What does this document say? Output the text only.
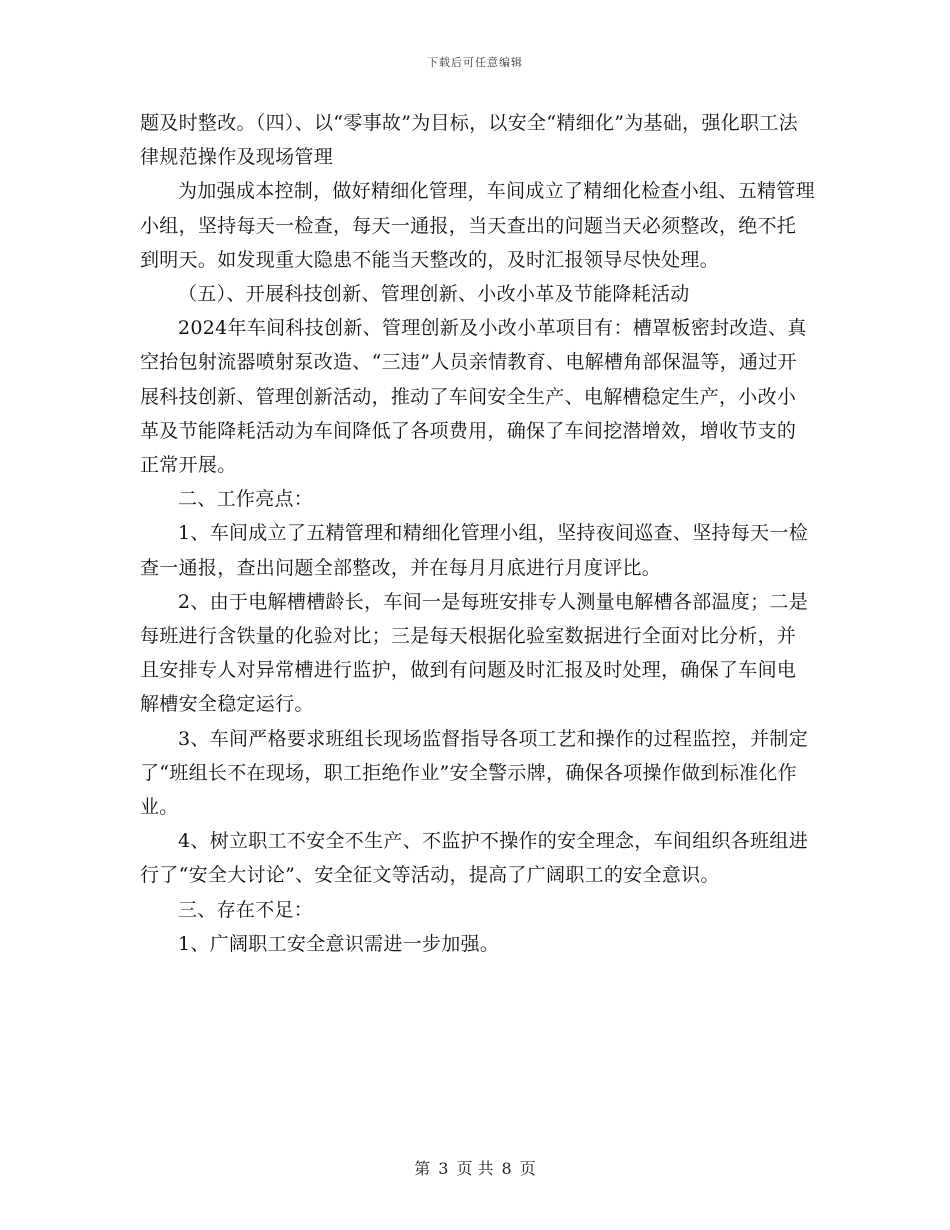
下载后可任意编辑

题及时整改。（四）、以“零事故”为目标，以安全“精细化”为基础，强化职工法律规范操作及现场管理

为加强成本控制，做好精细化管理，车间成立了精细化检查小组、五精管理小组，坚持每天一检查，每天一通报，当天查出的问题当天必须整改，绝不托到明天。如发现重大隐患不能当天整改的，及时汇报领导尽快处理。

（五）、开展科技创新、管理创新、小改小革及节能降耗活动

2024年车间科技创新、管理创新及小改小革项目有：槽罩板密封改造、真空抬包射流器喷射泵改造、“三违”人员亲情教育、电解槽角部保温等，通过开展科技创新、管理创新活动，推动了车间安全生产、电解槽稳定生产，小改小革及节能降耗活动为车间降低了各项费用，确保了车间挖潜增效，增收节支的正常开展。

二、工作亮点：

1、车间成立了五精管理和精细化管理小组，坚持夜间巡查、坚持每天一检查一通报，查出问题全部整改，并在每月月底进行月度评比。

2、由于电解槽槽龄长，车间一是每班安排专人测量电解槽各部温度；二是每班进行含铁量的化验对比；三是每天根据化验室数据进行全面对比分析，并且安排专人对异常槽进行监护，做到有问题及时汇报及时处理，确保了车间电解槽安全稳定运行。

3、车间严格要求班组长现场监督指导各项工艺和操作的过程监控，并制定了“班组长不在现场，职工拒绝作业”安全警示牌，确保各项操作做到标准化作业。

4、树立职工不安全不生产、不监护不操作的安全理念，车间组织各班组进行了“安全大讨论”、安全征文等活动，提高了广阔职工的安全意识。

三、存在不足：

1、广阔职工安全意识需进一步加强。

第 3 页 共 8 页
